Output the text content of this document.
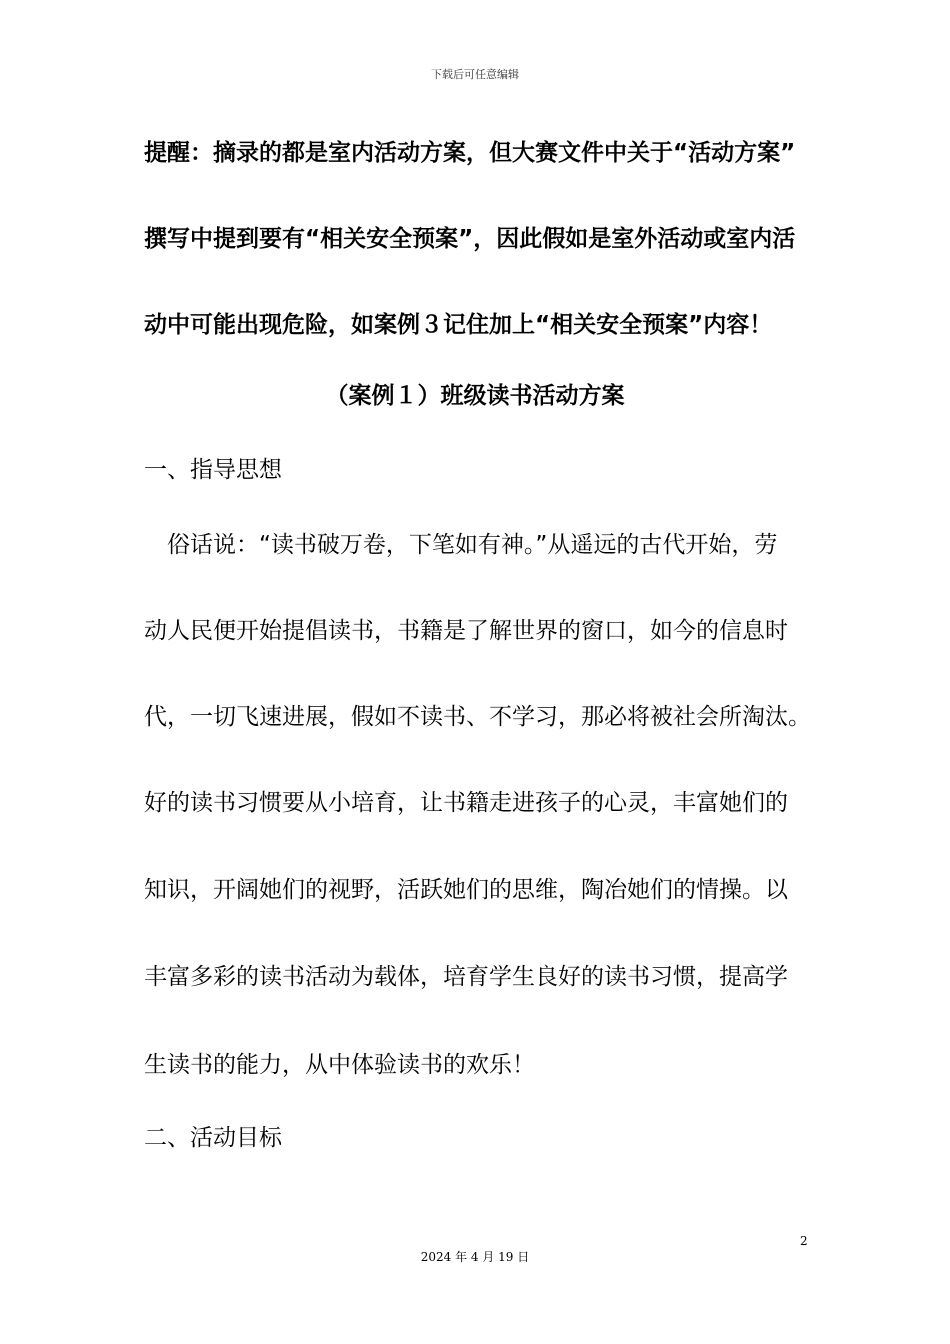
下载后可任意编辑
提醒：摘录的都是室内活动方案，但大赛文件中关于“活动方案”
撰写中提到要有“相关安全预案”，因此假如是室外活动或室内活
动中可能出现危险，如案例３记住加上“相关安全预案”内容！
（案例１）班级读书活动方案
一、指导思想
　俗话说：“读书破万卷，下笔如有神。”从遥远的古代开始，劳
动人民便开始提倡读书，书籍是了解世界的窗口，如今的信息时
代，一切飞速进展，假如不读书、不学习，那必将被社会所淘汰。
好的读书习惯要从小培育，让书籍走进孩子的心灵，丰富她们的
知识，开阔她们的视野，活跃她们的思维，陶冶她们的情操。以
丰富多彩的读书活动为载体，培育学生良好的读书习惯，提高学
生读书的能力，从中体验读书的欢乐！
二、活动目标
2
2024 年 4 月 19 日
